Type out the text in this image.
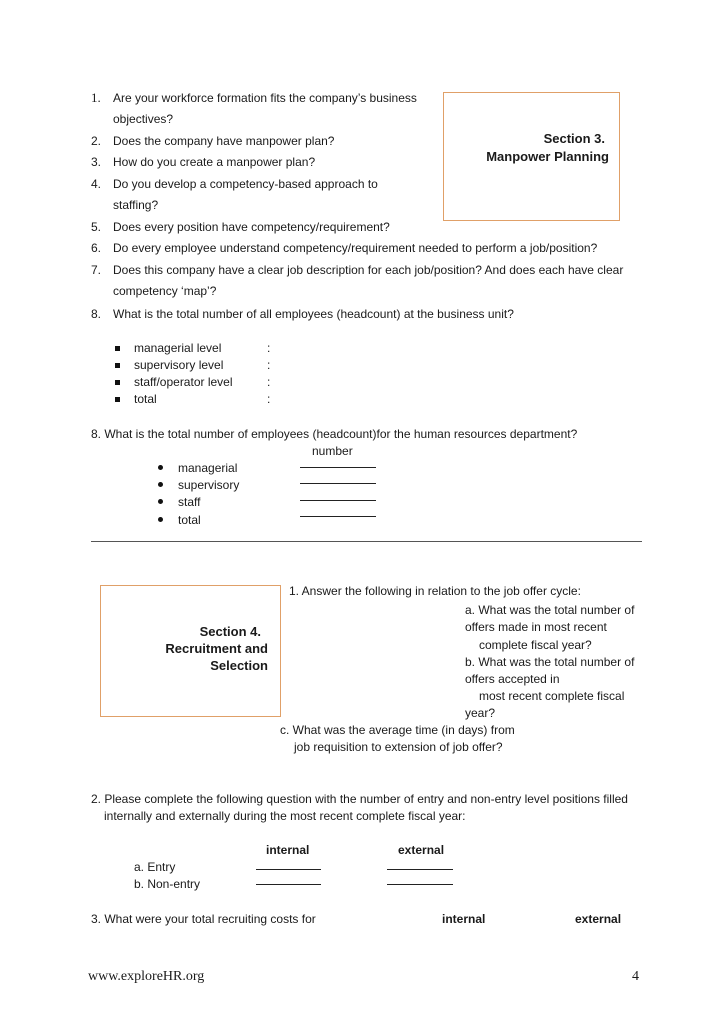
Section 3.
Manpower Planning
1. Are your workforce formation fits the company’s business
objectives?
2. Does the company have manpower plan?
3. How do you create a manpower plan?
4. Do you develop a competency-based approach to
staffing?
5. Does every position have competency/requirement?
6. Do every employee understand competency/requirement needed to perform a job/position?
7. Does this company have a clear job description for each job/position? And does each have clear
competency ‘map’?
8. What is the total number of all employees (headcount) at the business unit?
managerial level	:
supervisory level	:
staff/operator level	:
total	:
8. What is the total number of employees (headcount)for the human resources department?
number
managerial
supervisory
staff
total
Section 4.
Recruitment and
Selection
1. Answer the following in relation to the job offer cycle:
a. What was the total number of
offers made in most recent
complete fiscal year?
b. What was the total number of
offers accepted in
most recent complete fiscal
year?
c. What was the average time (in days) from
job requisition to extension of job offer?
2. Please complete the following question with the number of entry and non-entry level positions filled
internally and externally during the most recent complete fiscal year:
internal	external
a. Entry
b. Non-entry
3. What were your total recruiting costs for	internal	external
www.exploreHR.org	4
